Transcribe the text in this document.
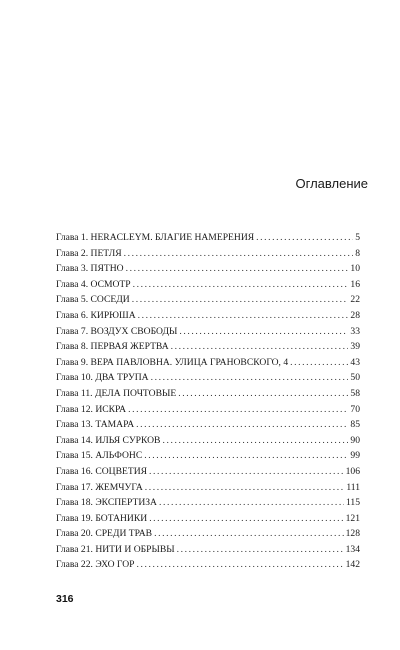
Оглавление
Глава 1. HERACLEYM. БЛАГИЕ НАМЕРЕНИЯ .....	5
Глава 2. ПЕТЛЯ .....	8
Глава 3. ПЯТНО .....	10
Глава 4. ОСМОТР .....	16
Глава 5. СОСЕДИ .....	22
Глава 6. КИРЮША .....	28
Глава 7. ВОЗДУХ СВОБОДЫ .....	33
Глава 8. ПЕРВАЯ ЖЕРТВА .....	39
Глава 9. ВЕРА ПАВЛОВНА. УЛИЦА ГРАНОВСКОГО, 4 .....	43
Глава 10. ДВА ТРУПА .....	50
Глава 11. ДЕЛА ПОЧТОВЫЕ .....	58
Глава 12. ИСКРА .....	70
Глава 13. ТАМАРА .....	85
Глава 14. ИЛЬЯ СУРКОВ .....	90
Глава 15. АЛЬФОНС .....	99
Глава 16. СОЦВЕТИЯ .....	106
Глава 17. ЖЕМЧУГА .....	111
Глава 18. ЭКСПЕРТИЗА .....	115
Глава 19. БОТАНИКИ .....	121
Глава 20. СРЕДИ ТРАВ .....	128
Глава 21. НИТИ И ОБРЫВЫ .....	134
Глава 22. ЭХО ГОР .....	142
316
